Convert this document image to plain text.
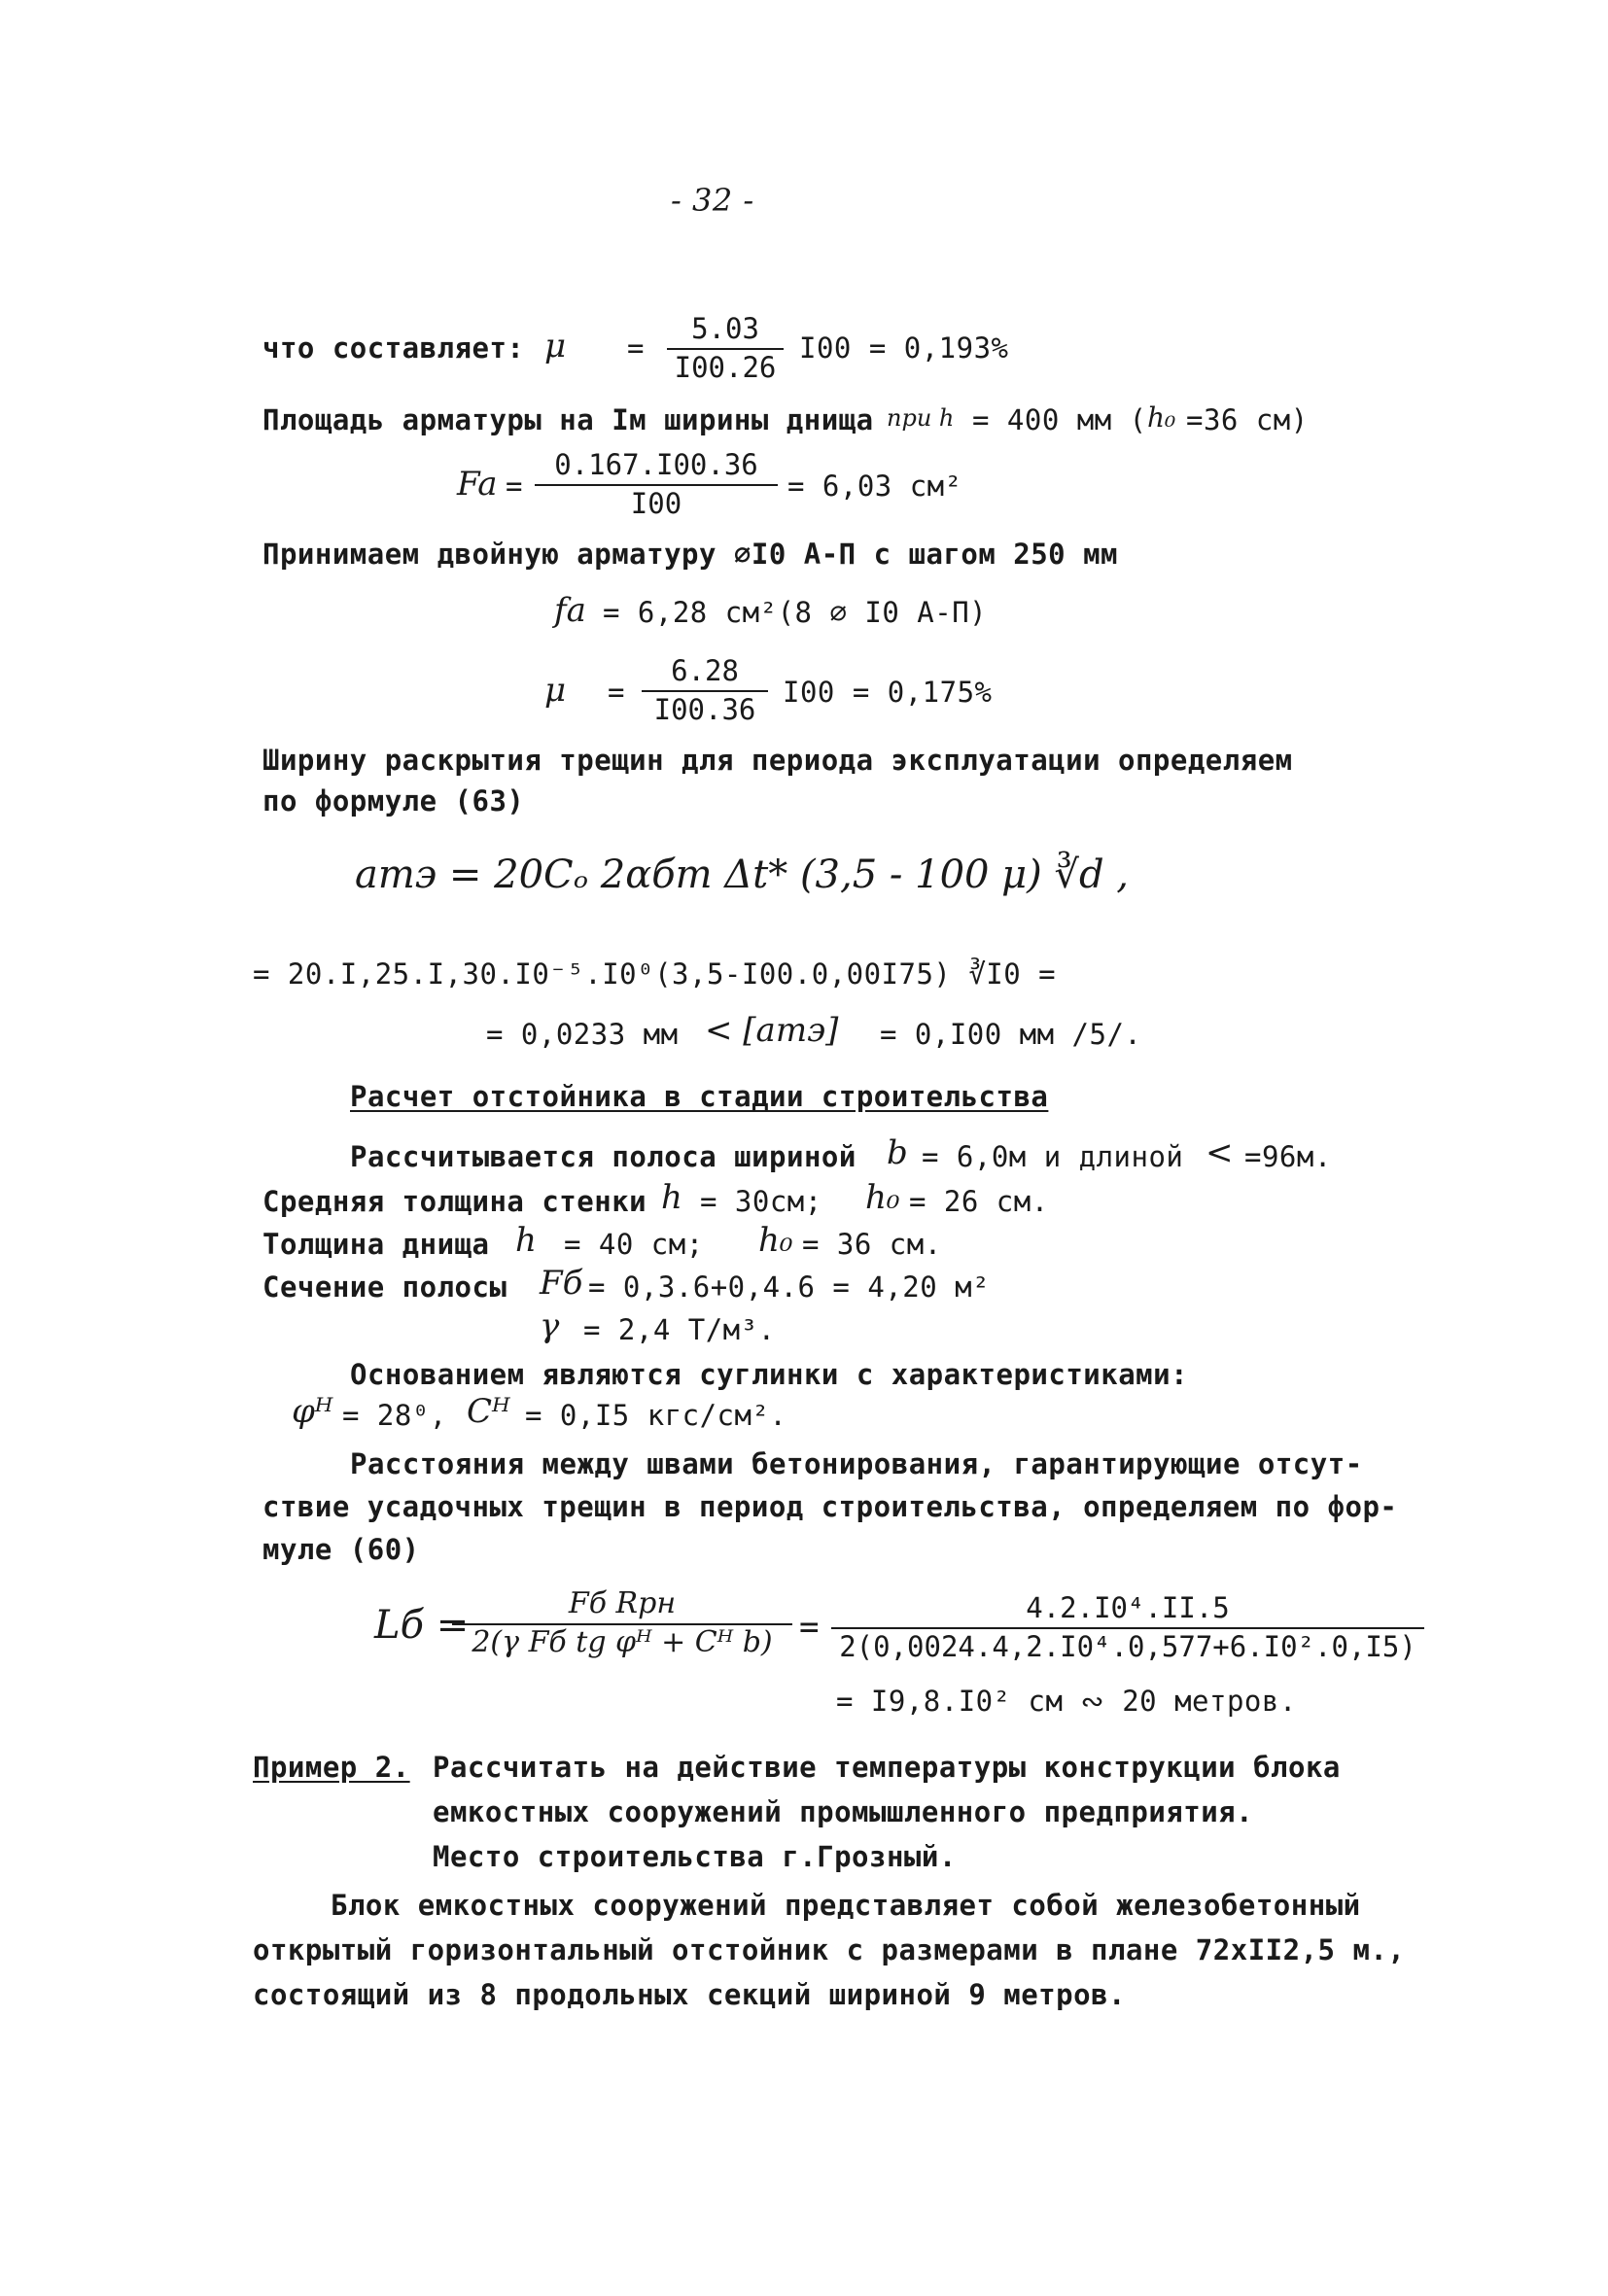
- 32 -
что составляет: $\mu = \frac{5.03}{I00.26} I00 = 0,193\%$
Площадь арматуры на Iм ширины днища при h = 400 мм ( h₀ =36 см)
$Fa = \frac{0.167.I00.36}{I00} = 6,03$ см²
Принимаем двойную арматуру ⌀I0 А-П с шагом 250 мм
fa = 6,28 см²(8 ⌀ I0 А-П)
$\mu = \frac{6.28}{I00.36} I00 = 0,175\%$
Ширину раскрытия трещин для периода эксплуатации определяем
по формуле (63)
aтэ = 20Cₒ 2αбт Δt* (3,5 - 100 μ) ∛d ,
= 20.I,25.I,30.I0⁻⁵.I0⁰(3,5-I00.0,00I75) ∛I0 =
= 0,0233 мм < [aтэ] = 0,I00 мм /5/.
Расчет отстойника в стадии строительства
Рассчитывается полоса шириной b = 6,0м и длиной < =96м.
Средняя толщина стенки h = 30см; h₀ = 26 см.
Толщина днища h = 40 см; h₀ = 36 см.
Сечение полосы Fб = 0,3.6+0,4.6 = 4,20 м²
γ = 2,4 Т/м³.
Основанием являются суглинки с характеристиками:
φᴴ = 28⁰, Cᴴ = 0,I5 кгс/см².
Расстояния между швами бетонирования, гарантирующие отсут-
ствие усадочных трещин в период строительства, определяем по фор-
муле (60)
Lб =	Fб Rрн
2(γ Fб tg φᴴ + Cᴴ $b) = \frac{\text{4.2.I0⁴.II.5}}{\text{2(0,0024.4,2.I0⁴.0,577+6.I0².0,I5)}}$
= I9,8.I0² см ∾ 20 метров.
Пример 2. Рассчитать на действие температуры конструкции блока
емкостных сооружений промышленного предприятия.
Место строительства г.Грозный.
Блок емкостных сооружений представляет собой железобетонный
открытый горизонтальный отстойник с размерами в плане 72хII2,5 м.,
состоящий из 8 продольных секций шириной 9 метров.
